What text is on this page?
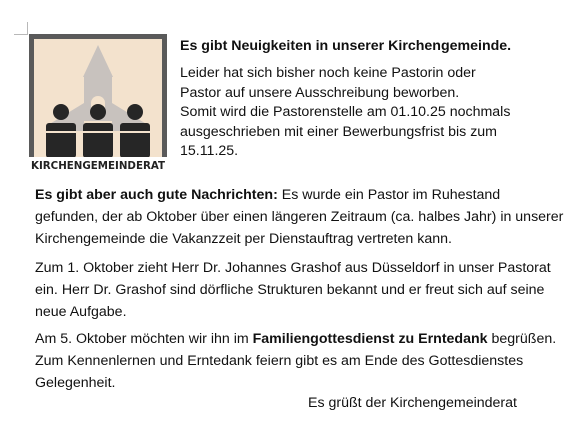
KIRCHENGEMEINDERAT

Es gibt Neuigkeiten in unserer Kirchengemeinde.

Leider hat sich bisher noch keine Pastorin oder
Pastor auf unsere Ausschreibung beworben.
Somit wird die Pastorenstelle am 01.10.25 nochmals
ausgeschrieben mit einer Bewerbungsfrist bis zum
15.11.25.

Es gibt aber auch gute Nachrichten: Es wurde ein Pastor im Ruhestand gefunden, der ab Oktober über einen längeren Zeitraum (ca. halbes Jahr) in unserer Kirchengemeinde die Vakanzzeit per Dienstauftrag vertreten kann.

Zum 1. Oktober zieht Herr Dr. Johannes Grashof aus Düsseldorf in unser Pastorat ein. Herr Dr. Grashof sind dörfliche Strukturen bekannt und er freut sich auf seine neue Aufgabe.

Am 5. Oktober möchten wir ihn im Familiengottesdienst zu Erntedank begrüßen. Zum Kennenlernen und Erntedank feiern gibt es am Ende des Gottesdienstes Gelegenheit.

Es grüßt der Kirchengemeinderat
